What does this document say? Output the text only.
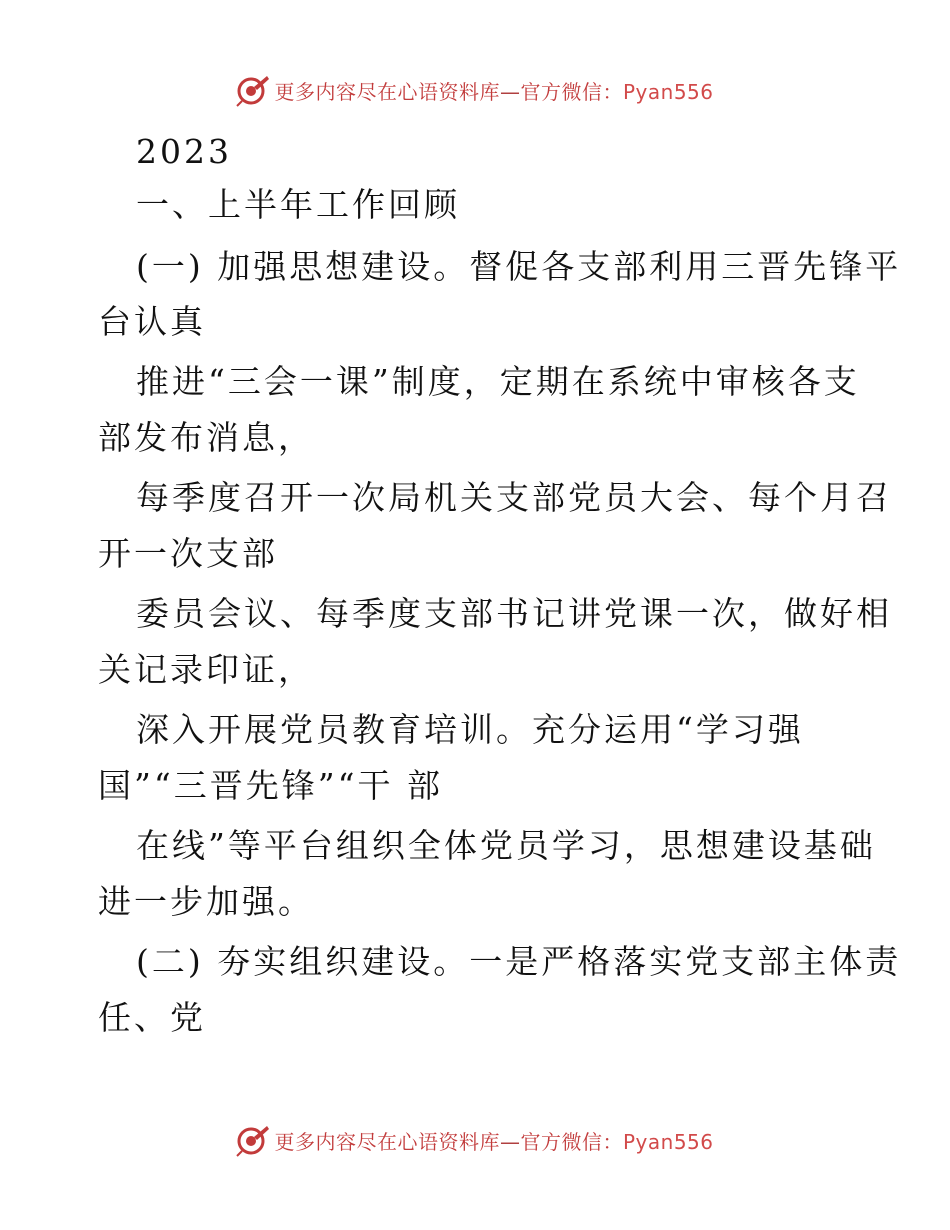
更多内容尽在心语资料库—官方微信：Pyan556
2023
一、上半年工作回顾
(一) 加强思想建设。督促各支部利用三晋先锋平
台认真
推进“三会一课”制度，定期在系统中审核各支
部发布消息，
每季度召开一次局机关支部党员大会、每个月召
开一次支部
委员会议、每季度支部书记讲党课一次，做好相
关记录印证，
深入开展党员教育培训。充分运用“学习强
国”“三晋先锋”“干 部
在线”等平台组织全体党员学习，思想建设基础
进一步加强。
(二) 夯实组织建设。一是严格落实党支部主体责
任、党
更多内容尽在心语资料库—官方微信：Pyan556
